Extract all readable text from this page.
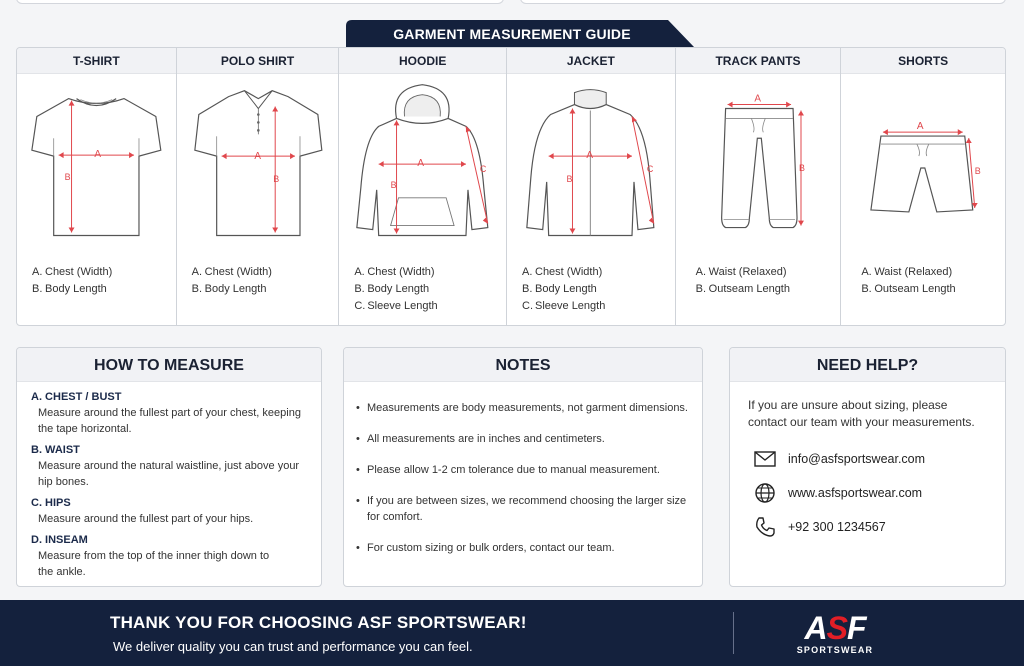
GARMENT MEASUREMENT GUIDE
T-SHIRT
A
B
A. Chest (Width)
B. Body Length
POLO SHIRT
A
B
A. Chest (Width)
B. Body Length
HOODIE
A
B
C
A. Chest (Width)
B. Body Length
C. Sleeve Length
JACKET
A
B
C
A. Chest (Width)
B. Body Length
C. Sleeve Length
TRACK PANTS
A
B
A. Waist (Relaxed)
B. Outseam Length
SHORTS
A
B
A. Waist (Relaxed)
B. Outseam Length
HOW TO MEASURE
A. CHEST / BUST
Measure around the fullest part of your chest, keeping the tape horizontal.
B. WAIST
Measure around the natural waistline, just above your hip bones.
C. HIPS
Measure around the fullest part of your hips.
D. INSEAM
Measure from the top of the inner thigh down to the ankle.
NOTES
• Measurements are body measurements, not garment dimensions.
• All measurements are in inches and centimeters.
• Please allow 1-2 cm tolerance due to manual measurement.
• If you are between sizes, we recommend choosing the larger size for comfort.
• For custom sizing or bulk orders, contact our team.
NEED HELP?
If you are unsure about sizing, please contact our team with your measurements.
info@asfsportswear.com
www.asfsportswear.com
+92 300 1234567
THANK YOU FOR CHOOSING ASF SPORTSWEAR!
We deliver quality you can trust and performance you can feel.
ASF
SPORTSWEAR
